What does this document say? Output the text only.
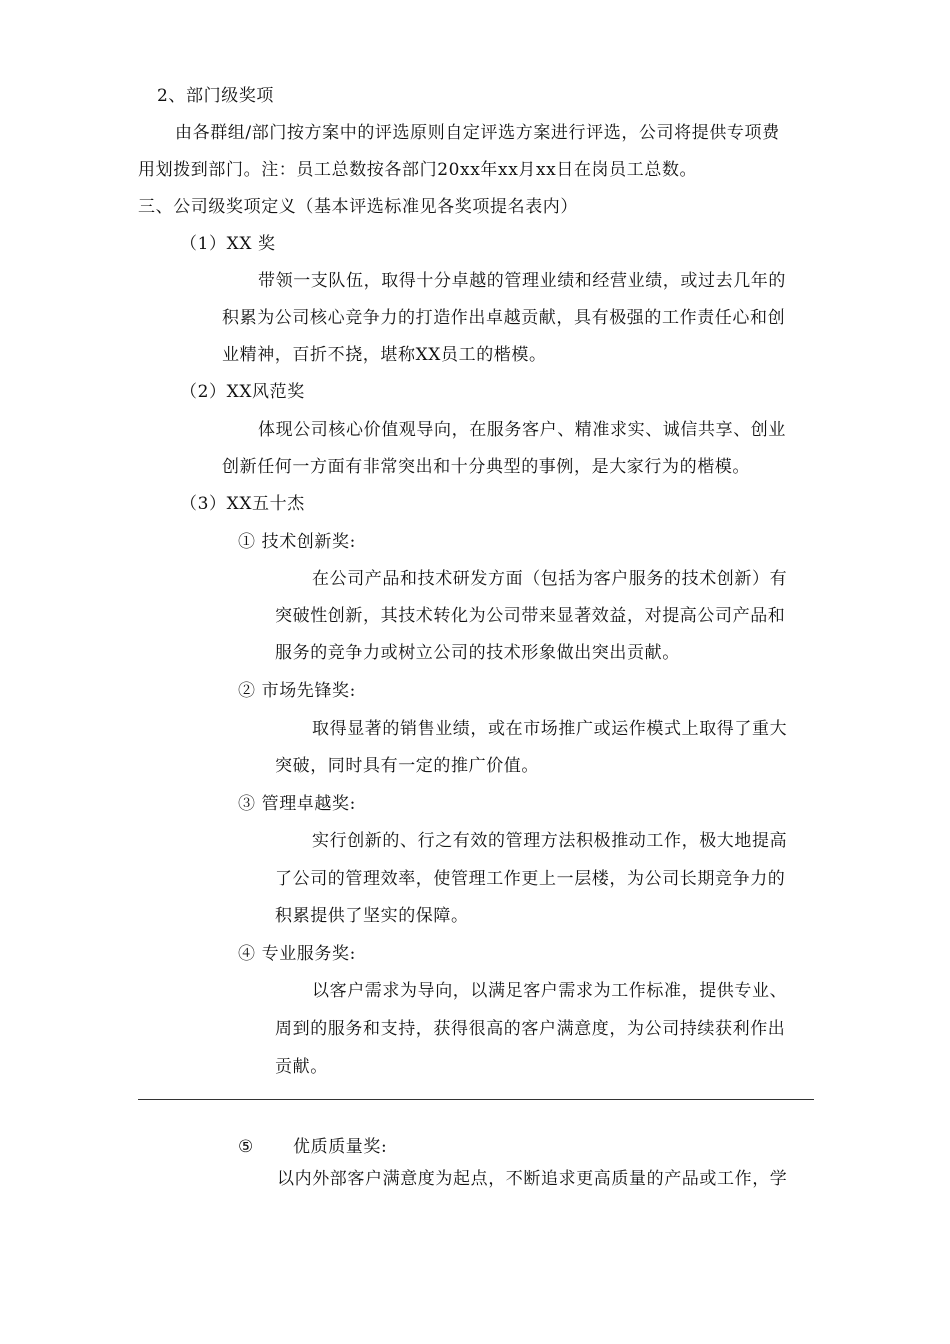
2、部门级奖项
由各群组/部门按方案中的评选原则自定评选方案进行评选，公司将提供专项费
用划拨到部门。注：员工总数按各部门20xx年xx月xx日在岗员工总数。
三、公司级奖项定义（基本评选标准见各奖项提名表内）
（1）XX 奖
带领一支队伍，取得十分卓越的管理业绩和经营业绩，或过去几年的
积累为公司核心竞争力的打造作出卓越贡献，具有极强的工作责任心和创
业精神，百折不挠，堪称XX员工的楷模。
（2）XX风范奖
体现公司核心价值观导向，在服务客户、精准求实、诚信共享、创业
创新任何一方面有非常突出和十分典型的事例，是大家行为的楷模。
（3）XX五十杰
① 技术创新奖:
在公司产品和技术研发方面（包括为客户服务的技术创新）有
突破性创新，其技术转化为公司带来显著效益，对提高公司产品和
服务的竞争力或树立公司的技术形象做出突出贡献。
② 市场先锋奖:
取得显著的销售业绩，或在市场推广或运作模式上取得了重大
突破，同时具有一定的推广价值。
③ 管理卓越奖:
实行创新的、行之有效的管理方法积极推动工作，极大地提高
了公司的管理效率，使管理工作更上一层楼，为公司长期竞争力的
积累提供了坚实的保障。
④ 专业服务奖:
以客户需求为导向，以满足客户需求为工作标准，提供专业、
周到的服务和支持，获得很高的客户满意度，为公司持续获利作出
贡献。
⑤ 优质质量奖:
以内外部客户满意度为起点，不断追求更高质量的产品或工作，学
